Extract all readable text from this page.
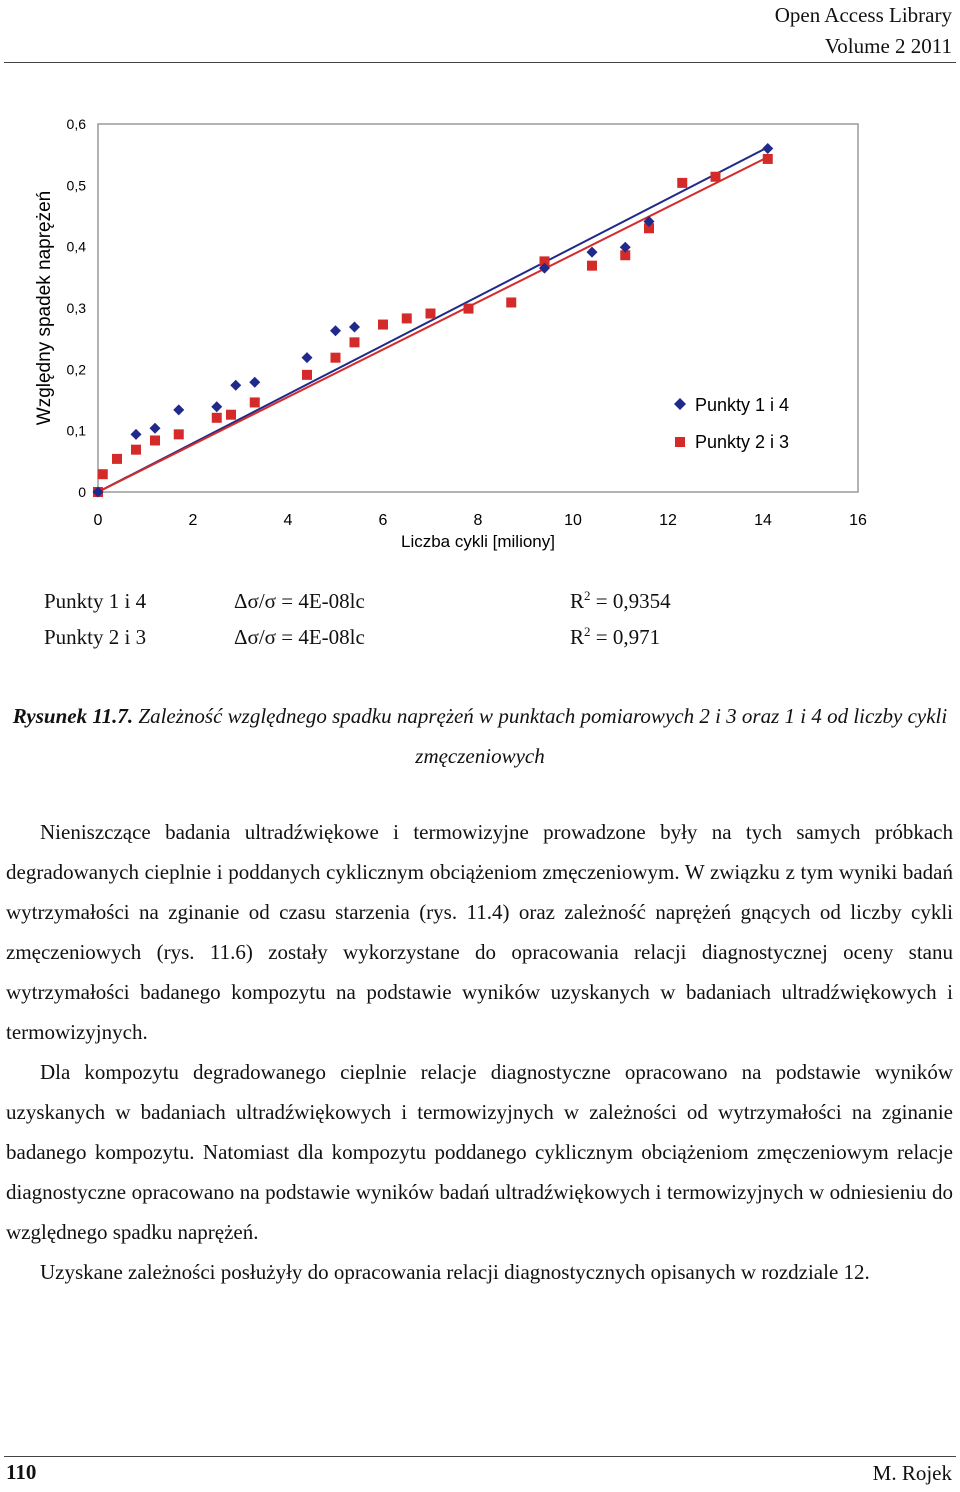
Open Access Library
Volume 2 2011
0
0,1
0,2
0,3
0,4
0,5
0,6
0	2	4	6	8	10	12	14	16
Liczba cykli [miliony]
Względny spadek naprężeń	Punkty 1 i 4
Punkty 2 i 3
Punkty 1 i 4	Δσ/σ = 4E-08lc	$R^2 = 0,9354$
Punkty 2 i 3	Δσ/σ = 4E-08lc	$R^2 = 0,971$
Rysunek 11.7. Zależność względnego spadku naprężeń w punktach pomiarowych 2 i 3 oraz 1 i 4 od liczby cykli zmęczeniowych

Nieniszczące badania ultradźwiękowe i termowizyjne prowadzone były na tych samych próbkach degradowanych cieplnie i poddanych cyklicznym obciążeniom zmęczeniowym. W związku z tym wyniki badań wytrzymałości na zginanie od czasu starzenia (rys. 11.4) oraz zależność naprężeń gnących od liczby cykli zmęczeniowych (rys. 11.6) zostały wykorzystane do opracowania relacji diagnostycznej oceny stanu wytrzymałości badanego kompozytu na podstawie wyników uzyskanych w badaniach ultradźwiękowych i termowizyjnych.

Dla kompozytu degradowanego cieplnie relacje diagnostyczne opracowano na podstawie wyników uzyskanych w badaniach ultradźwiękowych i termowizyjnych w zależności od wytrzymałości na zginanie badanego kompozytu. Natomiast dla kompozytu poddanego cyklicznym obciążeniom zmęczeniowym relacje diagnostyczne opracowano na podstawie wyników badań ultradźwiękowych i termowizyjnych w odniesieniu do względnego spadku naprężeń.

Uzyskane zależności posłużyły do opracowania relacji diagnostycznych opisanych w rozdziale 12.

110	M. Rojek
